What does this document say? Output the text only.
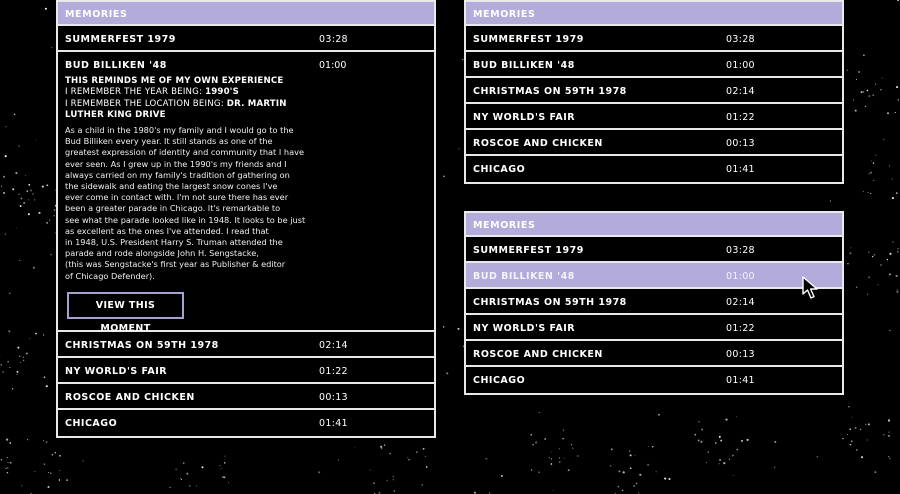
MEMORIES
SUMMERFEST 1979	03:28
BUD BILLIKEN '48	01:00
THIS REMINDS ME OF MY OWN EXPERIENCE
I REMEMBER THE YEAR BEING: 1990'S
I REMEMBER THE LOCATION BEING: DR. MARTIN
LUTHER KING DRIVE
As a child in the 1980's my family and I would go to the
Bud Billiken every year. It still stands as one of the
greatest expression of identity and community that I have
ever seen. As I grew up in the 1990's my friends and I
always carried on my family's tradition of gathering on
the sidewalk and eating the largest snow cones I've
ever come in contact with. I'm not sure there has ever
been a greater parade in Chicago. It's remarkable to
see what the parade looked like in 1948. It looks to be just
as excellent as the ones I've attended. I read that
in 1948, U.S. President Harry S. Truman attended the
parade and rode alongside John H. Sengstacke,
(this was Sengstacke's first year as Publisher & editor
of Chicago Defender).
VIEW THIS MOMENT
CHRISTMAS ON 59TH 1978	02:14
NY WORLD'S FAIR	01:22
ROSCOE AND CHICKEN	00:13
CHICAGO	01:41
MEMORIES
SUMMERFEST 1979	03:28
BUD BILLIKEN '48	01:00
CHRISTMAS ON 59TH 1978	02:14
NY WORLD'S FAIR	01:22
ROSCOE AND CHICKEN	00:13
CHICAGO	01:41
MEMORIES
SUMMERFEST 1979	03:28
BUD BILLIKEN '48	01:00
CHRISTMAS ON 59TH 1978	02:14
NY WORLD'S FAIR	01:22
ROSCOE AND CHICKEN	00:13
CHICAGO	01:41
